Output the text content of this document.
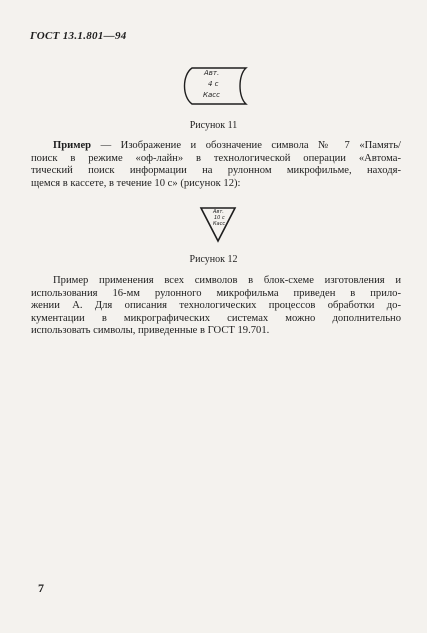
ГОСТ 13.1.801—94
Авт.
4 с
Касс
Рисунок 11
Пример — Изображение и обозначение символа № 7 «Память/
поиск в режиме «оф-лайн» в технологической операции «Автома-
тический поиск информации на рулонном микрофильме, находя-
щемся в кассете, в течение 10 с» (рисунок 12):
Авт.
10 с
Касс
Рисунок 12
Пример применения всех символов в блок-схеме изготовления и
использования 16-мм рулонного микрофильма приведен в прило-
жении А. Для описания технологических процессов обработки до-
кументации в микрографических системах можно дополнительно
использовать символы, приведенные в ГОСТ 19.701.
7
